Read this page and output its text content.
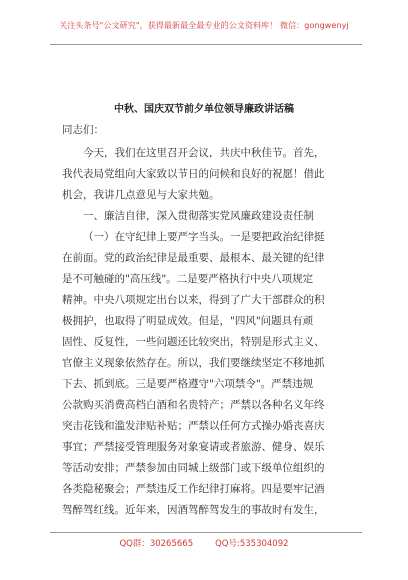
关注头条号"公文研究"，获得最新最全最专业的公文资料库！ 微信：gongwenyj
中秋、国庆双节前夕单位领导廉政讲话稿
同志们：
今天，我们在这里召开会议，共庆中秋佳节。首先，
我代表局党组向大家致以节日的问候和良好的祝愿！借此
机会，我讲几点意见与大家共勉。
一、廉洁自律，深入贯彻落实党风廉政建设责任制
（一）在守纪律上要严字当头。一是要把政治纪律挺
在前面。党的政治纪律是最重要、最根本、最关键的纪律
是不可触碰的"高压线"。二是要严格执行中央八项规定
精神。中央八项规定出台以来，得到了广大干部群众的积
极拥护，也取得了明显成效。但是，"四风"问题具有顽
固性、反复性，一些问题还比较突出，特别是形式主义、
官僚主义现象依然存在。所以，我们要继续坚定不移地抓
下去、抓到底。三是要严格遵守"六项禁令"。严禁违规
公款购买消费高档白酒和名贵特产；严禁以各种名义年终
突击花钱和滥发津贴补贴；严禁以任何方式操办婚丧喜庆
事宜；严禁接受管理服务对象宴请或者旅游、健身、娱乐
等活动安排；严禁参加由同城上级部门或下级单位组织的
各类隐秘聚会；严禁违反工作纪律打麻将。四是要牢记酒
驾醉驾红线。近年来，因酒驾醉驾发生的事故时有发生，
QQ群：30265665	QQ号:535304092
